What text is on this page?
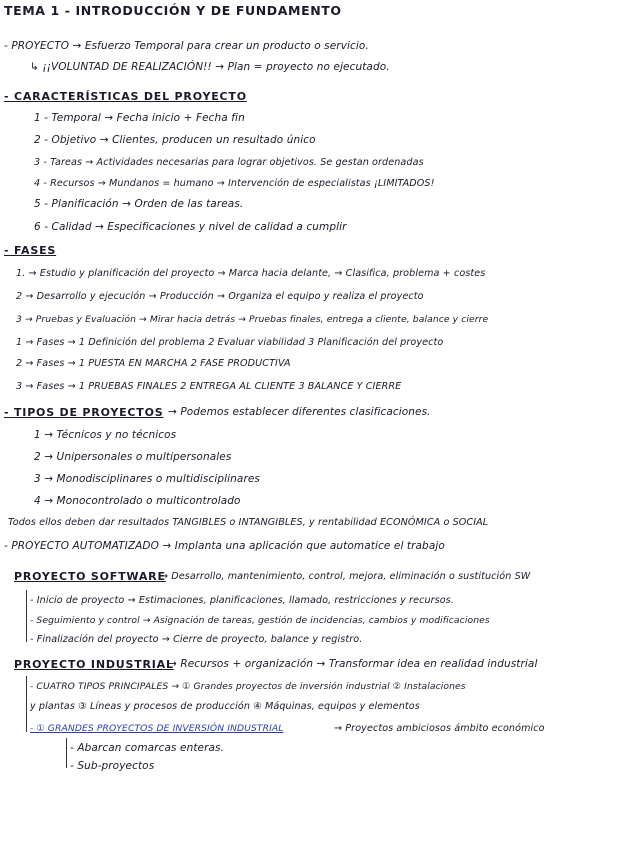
TEMA 1 - INTRODUCCIÓN Y DE FUNDAMENTO
- PROYECTO → Esfuerzo Temporal para crear un producto o servicio.
↳ ¡¡VOLUNTAD DE REALIZACIÓN!! → Plan = proyecto no ejecutado.
- CARACTERÍSTICAS DEL PROYECTO
1 - Temporal → Fecha inicio + Fecha fin
2 - Objetivo → Clientes, producen un resultado único
3 - Tareas → Actividades necesarias para lograr objetivos. Se gestan ordenadas
4 - Recursos → Mundanos = humano → Intervención de especialistas ¡LIMITADOS!
5 - Planificación → Orden de las tareas.
6 - Calidad → Especificaciones y nivel de calidad a cumplir
- FASES
1. → Estudio y planificación del proyecto → Marca hacia delante, → Clasifica, problema + costes
2 → Desarrollo y ejecución → Producción → Organiza el equipo y realiza el proyecto
3 → Pruebas y Evaluación → Mirar hacia detrás → Pruebas finales, entrega a cliente, balance y cierre
1 → Fases → 1 Definición del problema 2 Evaluar viabilidad 3 Planificación del proyecto
2 → Fases → 1 PUESTA EN MARCHA 2 FASE PRODUCTIVA
3 → Fases → 1 PRUEBAS FINALES 2 ENTREGA AL CLIENTE 3 BALANCE Y CIERRE
- TIPOS DE PROYECTOS → Podemos establecer diferentes clasificaciones.
1 → Técnicos y no técnicos
2 → Unipersonales o multipersonales
3 → Monodisciplinares o multidisciplinares
4 → Monocontrolado o multicontrolado
Todos ellos deben dar resultados TANGIBLES o INTANGIBLES, y rentabilidad ECONÓMICA o SOCIAL
- PROYECTO AUTOMATIZADO → Implanta una aplicación que automatice el trabajo
PROYECTO SOFTWARE
→ Desarrollo, mantenimiento, control, mejora, eliminación o sustitución SW
- Inicio de proyecto → Estimaciones, planificaciones, llamado, restricciones y recursos.
- Seguimiento y control → Asignación de tareas, gestión de incidencias, cambios y modificaciones
- Finalización del proyecto → Cierre de proyecto, balance y registro.
PROYECTO INDUSTRIAL
→ Recursos + organización → Transformar idea en realidad industrial
- CUATRO TIPOS PRINCIPALES → ① Grandes proyectos de inversión industrial ② Instalaciones
y plantas ③ Líneas y procesos de producción ④ Máquinas, equipos y elementos
- ① GRANDES PROYECTOS DE INVERSIÓN INDUSTRIAL	→ Proyectos ambiciosos ámbito económico
- Abarcan comarcas enteras.
- Sub-proyectos
